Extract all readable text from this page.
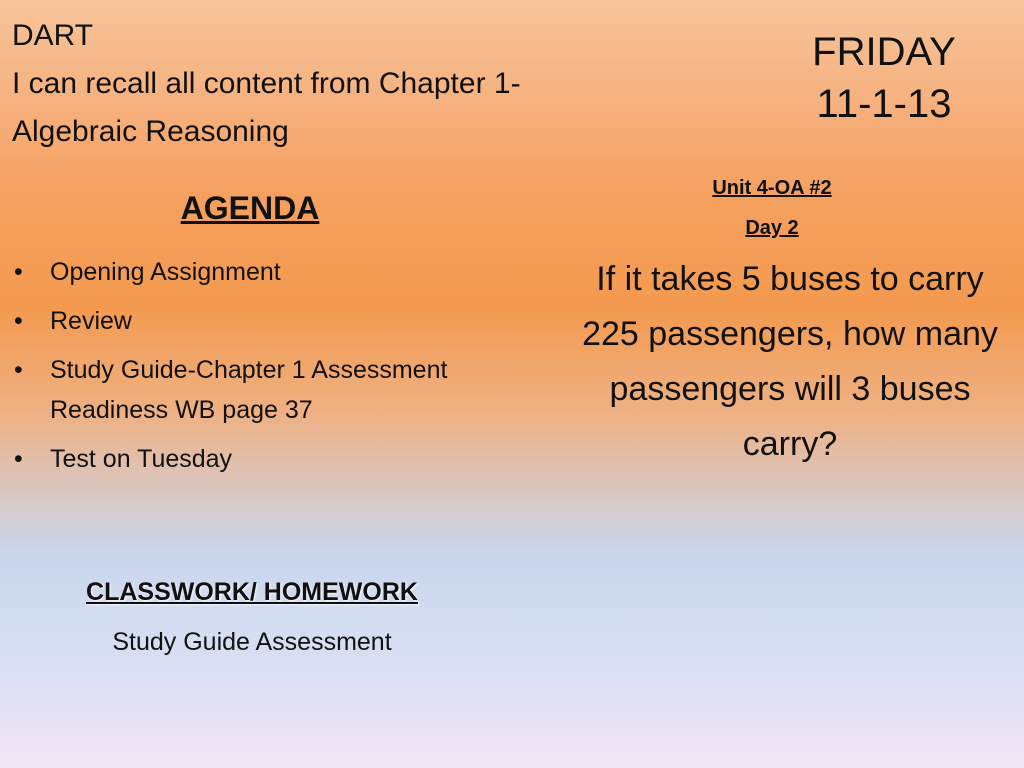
DART
I can recall all content from Chapter 1- Algebraic Reasoning
FRIDAY
11-1-13
Unit 4-OA #2
Day 2
AGENDA
• Opening Assignment
• Review
• Study Guide-Chapter 1 Assessment Readiness WB page 37
• Test on Tuesday
If it takes 5 buses to carry 225 passengers, how many passengers will 3 buses carry?
CLASSWORK/ HOMEWORK
Study Guide Assessment
